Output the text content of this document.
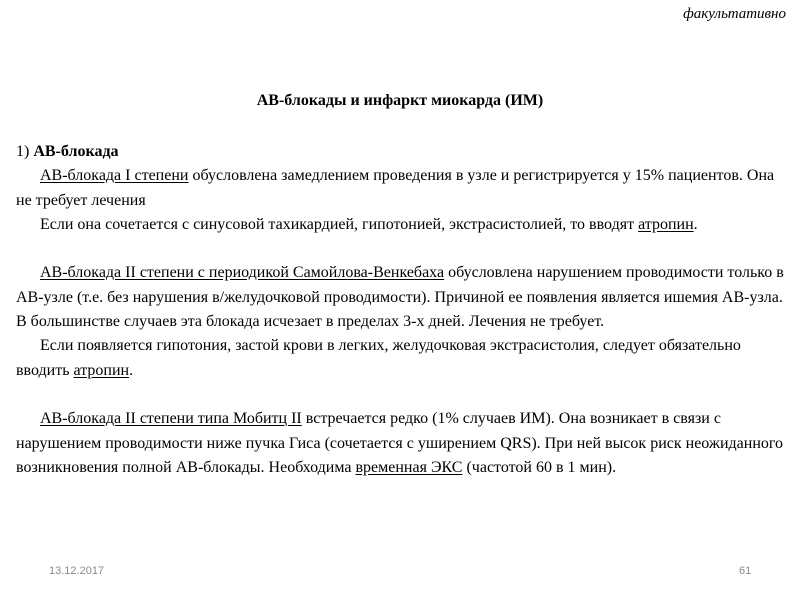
факультативно
АВ-блокады и инфаркт миокарда (ИМ)

1) АВ-блокада

АВ-блокада I степени обусловлена замедлением проведения в узле и регистрируется у 15% пациентов. Она не требует лечения

Если она сочетается с синусовой тахикардией, гипотонией, экстрасистолией, то вводят атропин.

АВ-блокада II степени с периодикой Самойлова-Венкебаха обусловлена нарушением проводимости только в АВ-узле (т.е. без нарушения в/желудочковой проводимости). Причиной ее появления является ишемия АВ-узла. В большинстве случаев эта блокада исчезает в пределах 3-х дней. Лечения не требует.

Если появляется гипотония, застой крови в легких, желудочковая экстрасистолия, следует обязательно вводить атропин.

АВ-блокада II степени типа Мобитц II встречается редко (1% случаев ИМ). Она возникает в связи с нарушением проводимости ниже пучка Гиса (сочетается с уширением QRS). При ней высок риск неожиданного возникновения полной АВ-блокады. Необходима временная ЭКС (частотой 60 в 1 мин).

13.12.2017	61
